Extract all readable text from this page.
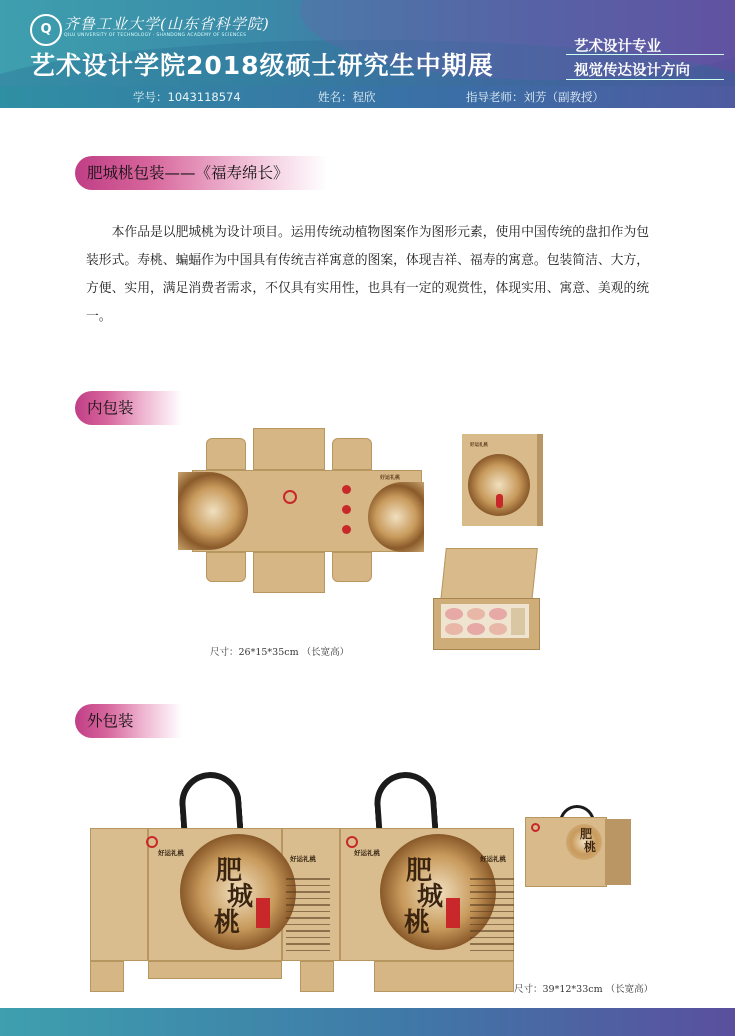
Q 齐鲁工业大学(山东省科学院)
QILU UNIVERSITY OF TECHNOLOGY · SHANDONG ACADEMY OF SCIENCES
艺术设计学院2018级硕士研究生中期展
艺术设计专业
视觉传达设计方向
学号：1043118574	姓名：程欣	指导老师：刘芳（副教授）
肥城桃包装——《福寿绵长》

本作品是以肥城桃为设计项目。运用传统动植物图案作为图形元素，使用中国传统的盘扣作为包装形式。寿桃、蝙蝠作为中国具有传统吉祥寓意的图案，体现吉祥、福寿的寓意。包装简洁、大方，方便、实用，满足消费者需求，不仅具有实用性，也具有一定的观赏性，体现实用、寓意、美观的统一。

内包装
好运礼桃
好运礼桃
尺寸：26*15*35cm （长宽高）
外包装
好运礼桃
好运礼桃
好运礼桃
好运礼桃
肥
城
桃
肥
城
桃
肥
桃
尺寸：39*12*33cm （长宽高）
